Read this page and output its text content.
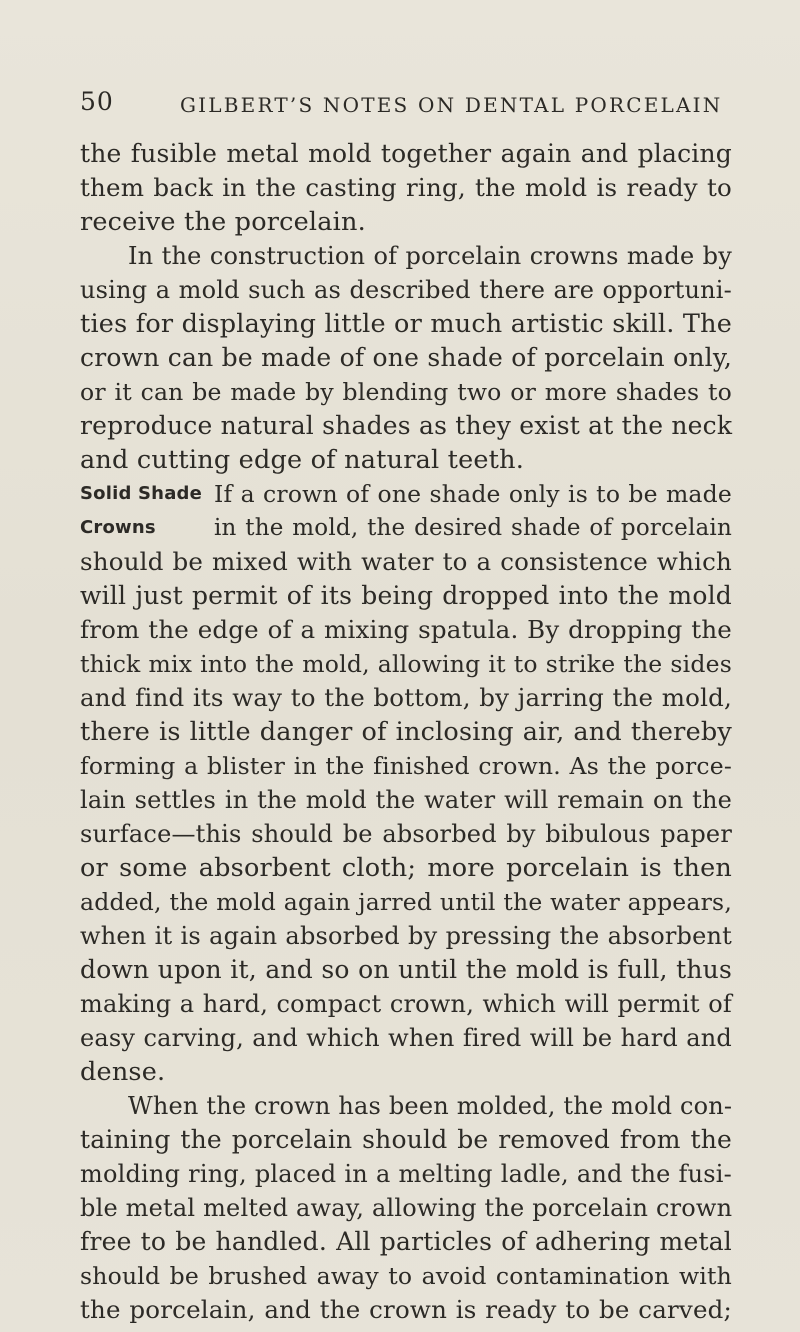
50	GILBERT’S NOTES ON DENTAL PORCELAIN
the fusible metal mold together again and placing
them back in the casting ring, the mold is ready to
receive the porcelain.
In the construction of porcelain crowns made by
using a mold such as described there are opportuni-
ties for displaying little or much artistic skill. The
crown can be made of one shade of porcelain only,
or it can be made by blending two or more shades to
reproduce natural shades as they exist at the neck
and cutting edge of natural teeth.
Solid Shade If a crown of one shade only is to be made
Crowns	in the mold, the desired shade of porcelain
should be mixed with water to a consistence which
will just permit of its being dropped into the mold
from the edge of a mixing spatula. By dropping the
thick mix into the mold, allowing it to strike the sides
and find its way to the bottom, by jarring the mold,
there is little danger of inclosing air, and thereby
forming a blister in the finished crown. As the porce-
lain settles in the mold the water will remain on the
surface—this should be absorbed by bibulous paper
or some absorbent cloth; more porcelain is then
added, the mold again jarred until the water appears,
when it is again absorbed by pressing the absorbent
down upon it, and so on until the mold is full, thus
making a hard, compact crown, which will permit of
easy carving, and which when fired will be hard and
dense.
When the crown has been molded, the mold con-
taining the porcelain should be removed from the
molding ring, placed in a melting ladle, and the fusi-
ble metal melted away, allowing the porcelain crown
free to be handled. All particles of adhering metal
should be brushed away to avoid contamination with
the porcelain, and the crown is ready to be carved;
